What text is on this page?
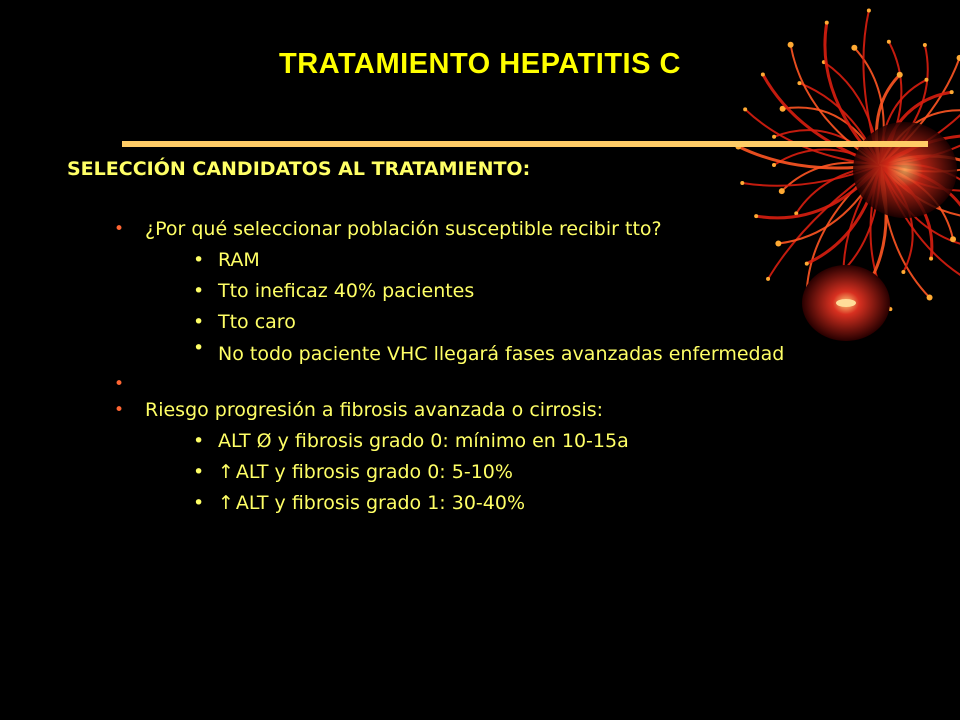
TRATAMIENTO HEPATITIS C
SELECCIÓN CANDIDATOS AL TRATAMIENTO:
• ¿Por qué seleccionar población susceptible recibir tto?
• RAM
• Tto ineficaz 40% pacientes
• Tto caro
• No todo paciente VHC llegará fases avanzadas enfermedad
•
• Riesgo progresión a fibrosis avanzada o cirrosis:
• ALT Ø y fibrosis grado 0: mínimo en 10-15a
• ↑ ALT y fibrosis grado 0: 5-10%
• ↑ ALT y fibrosis grado 1: 30-40%
